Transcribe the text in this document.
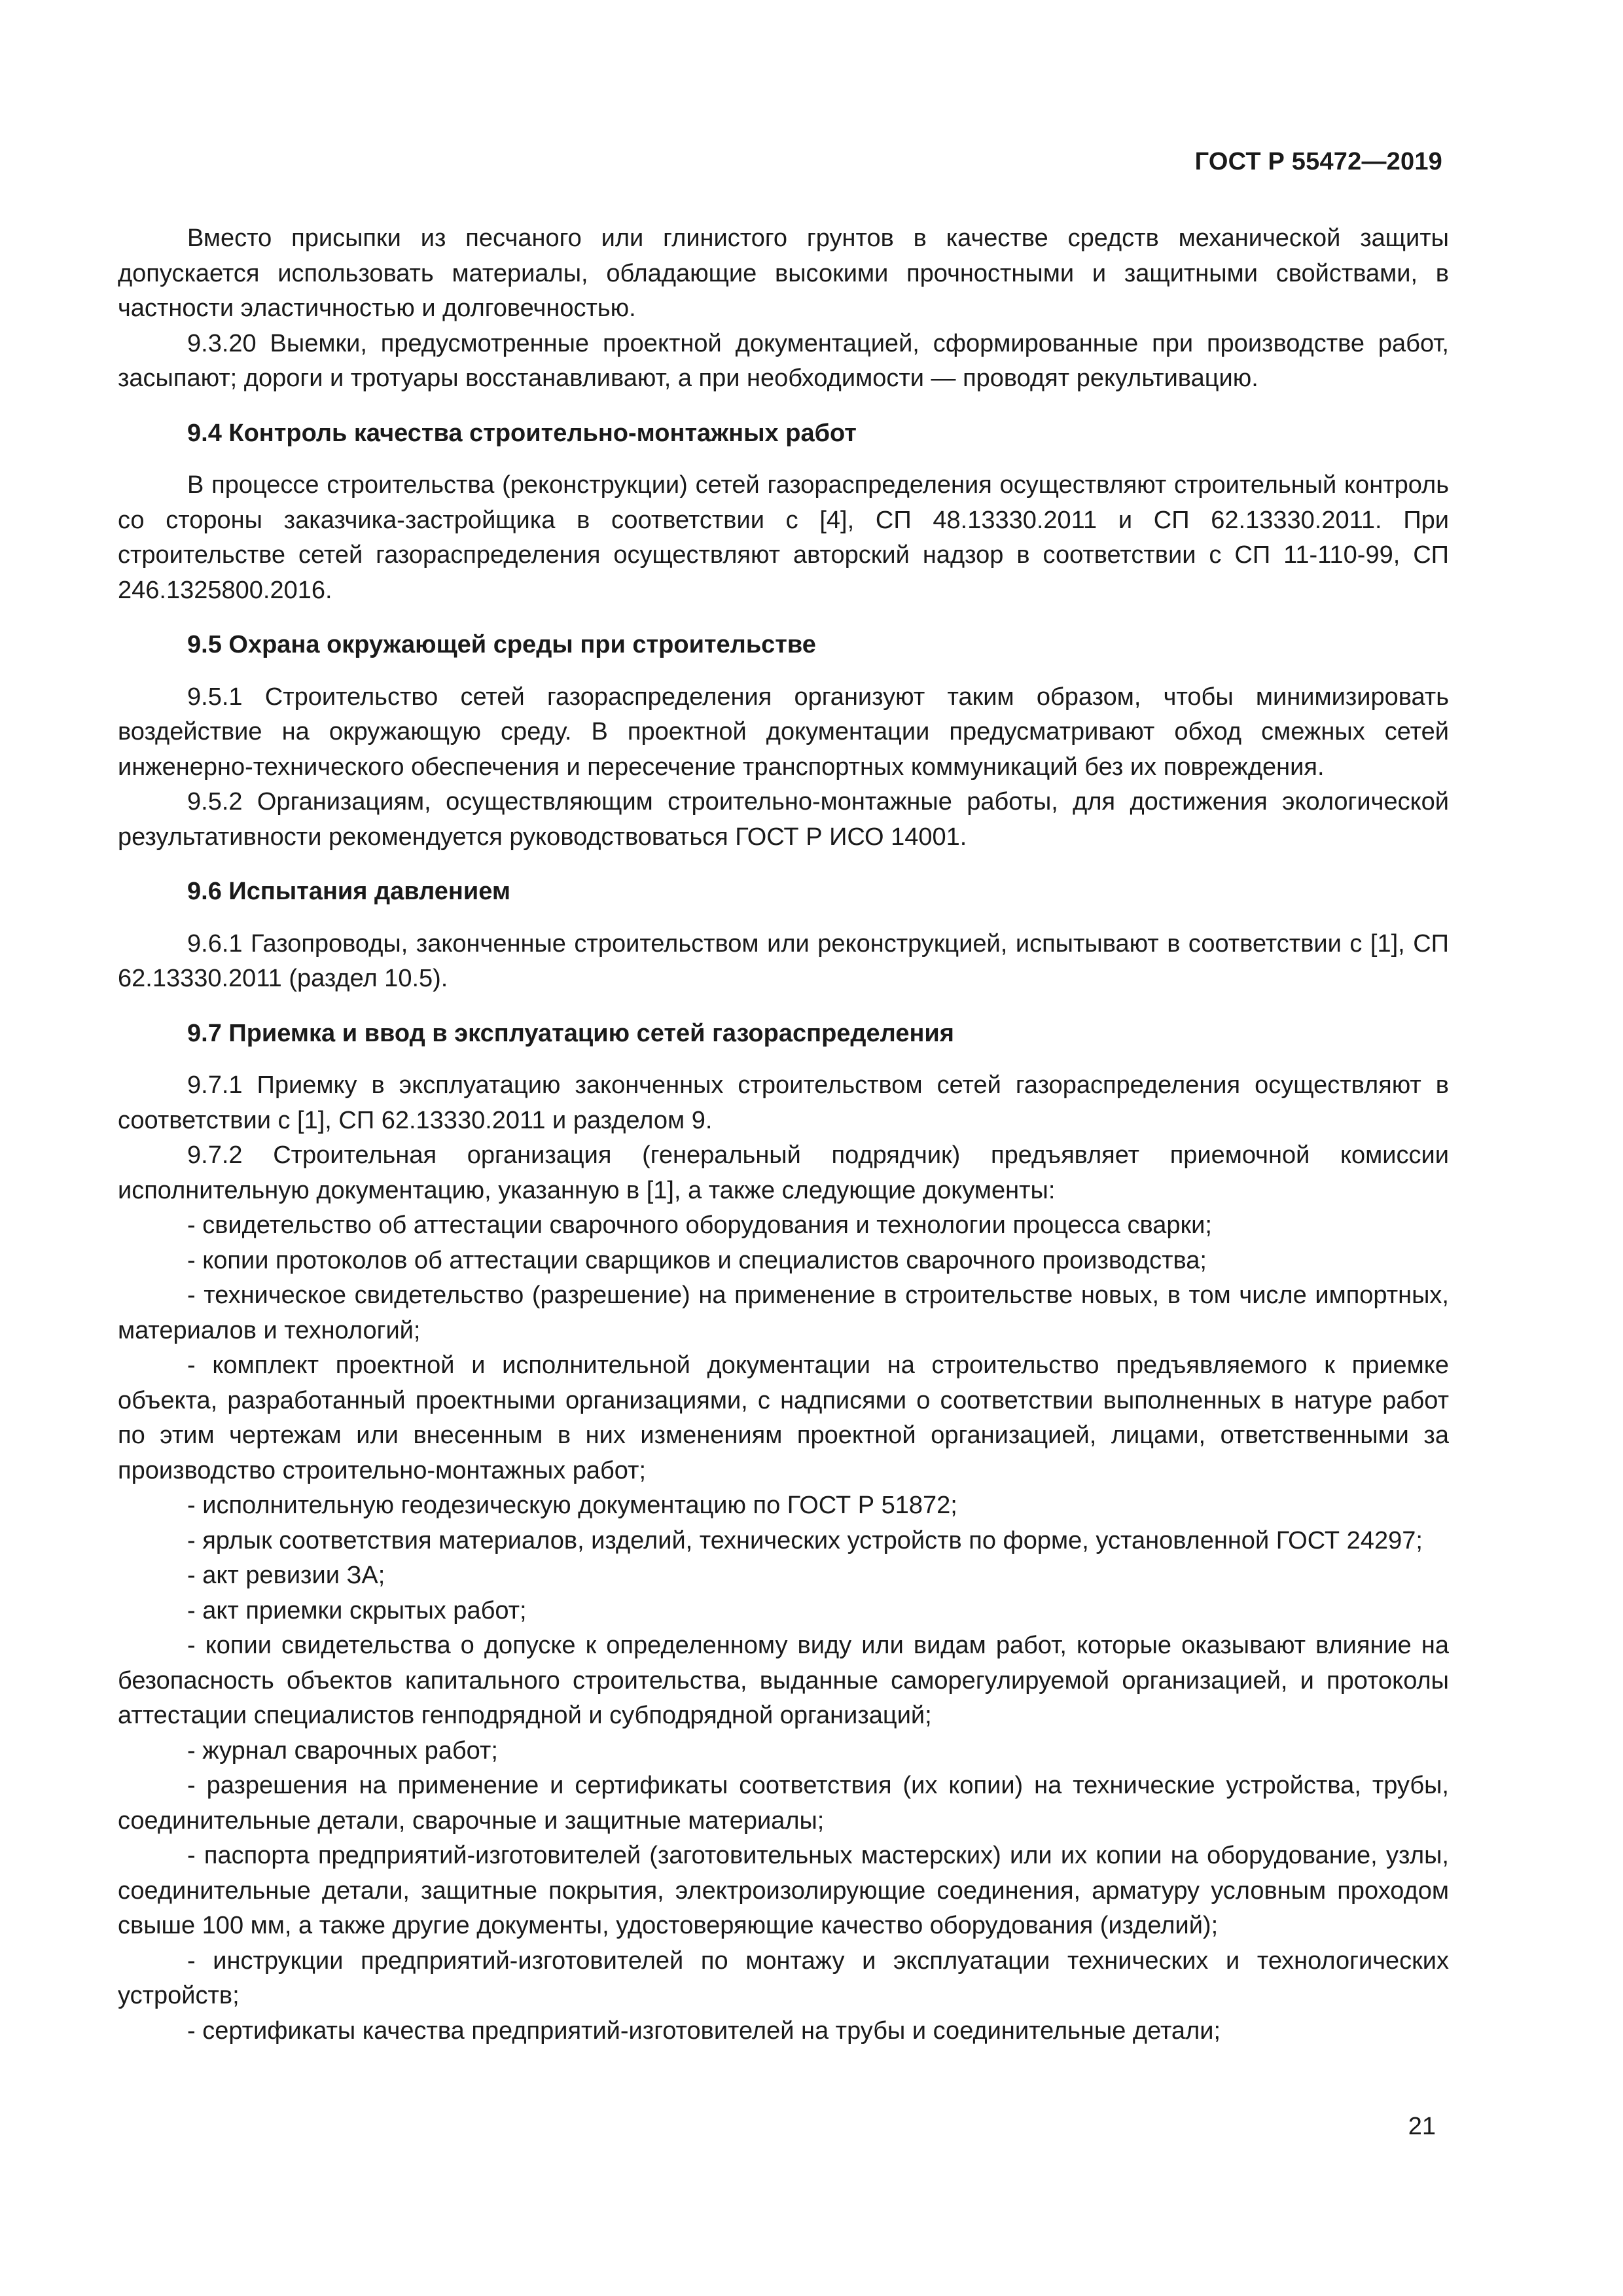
ГОСТ Р 55472—2019

Вместо присыпки из песчаного или глинистого грунтов в качестве средств механической защиты допускается использовать материалы, обладающие высокими прочностными и защитными свойствами, в частности эластичностью и долговечностью.

9.3.20 Выемки, предусмотренные проектной документацией, сформированные при производстве работ, засыпают; дороги и тротуары восстанавливают, а при необходимости — проводят рекультивацию.

9.4 Контроль качества строительно-монтажных работ

В процессе строительства (реконструкции) сетей газораспределения осуществляют строительный контроль со стороны заказчика-застройщика в соответствии с [4], СП 48.13330.2011 и СП 62.13330.2011. При строительстве сетей газораспределения осуществляют авторский надзор в соответствии с СП 11-110-99, СП 246.1325800.2016.

9.5 Охрана окружающей среды при строительстве

9.5.1 Строительство сетей газораспределения организуют таким образом, чтобы минимизировать воздействие на окружающую среду. В проектной документации предусматривают обход смежных сетей инженерно-технического обеспечения и пересечение транспортных коммуникаций без их повреждения.

9.5.2 Организациям, осуществляющим строительно-монтажные работы, для достижения экологической результативности рекомендуется руководствоваться ГОСТ Р ИСО 14001.

9.6 Испытания давлением

9.6.1 Газопроводы, законченные строительством или реконструкцией, испытывают в соответствии с [1], СП 62.13330.2011 (раздел 10.5).

9.7 Приемка и ввод в эксплуатацию сетей газораспределения

9.7.1 Приемку в эксплуатацию законченных строительством сетей газораспределения осуществляют в соответствии с [1], СП 62.13330.2011 и разделом 9.

9.7.2 Строительная организация (генеральный подрядчик) предъявляет приемочной комиссии исполнительную документацию, указанную в [1], а также следующие документы:

- свидетельство об аттестации сварочного оборудования и технологии процесса сварки;

- копии протоколов об аттестации сварщиков и специалистов сварочного производства;

- техническое свидетельство (разрешение) на применение в строительстве новых, в том числе импортных, материалов и технологий;

- комплект проектной и исполнительной документации на строительство предъявляемого к приемке объекта, разработанный проектными организациями, с надписями о соответствии выполненных в натуре работ по этим чертежам или внесенным в них изменениям проектной организацией, лицами, ответственными за производство строительно-монтажных работ;

- исполнительную геодезическую документацию по ГОСТ Р 51872;

- ярлык соответствия материалов, изделий, технических устройств по форме, установленной ГОСТ 24297;

- акт ревизии ЗА;

- акт приемки скрытых работ;

- копии свидетельства о допуске к определенному виду или видам работ, которые оказывают влияние на безопасность объектов капитального строительства, выданные саморегулируемой организацией, и протоколы аттестации специалистов генподрядной и субподрядной организаций;

- журнал сварочных работ;

- разрешения на применение и сертификаты соответствия (их копии) на технические устройства, трубы, соединительные детали, сварочные и защитные материалы;

- паспорта предприятий-изготовителей (заготовительных мастерских) или их копии на оборудование, узлы, соединительные детали, защитные покрытия, электроизолирующие соединения, арматуру условным проходом свыше 100 мм, а также другие документы, удостоверяющие качество оборудования (изделий);

- инструкции предприятий-изготовителей по монтажу и эксплуатации технических и технологических устройств;

- сертификаты качества предприятий-изготовителей на трубы и соединительные детали;

21
